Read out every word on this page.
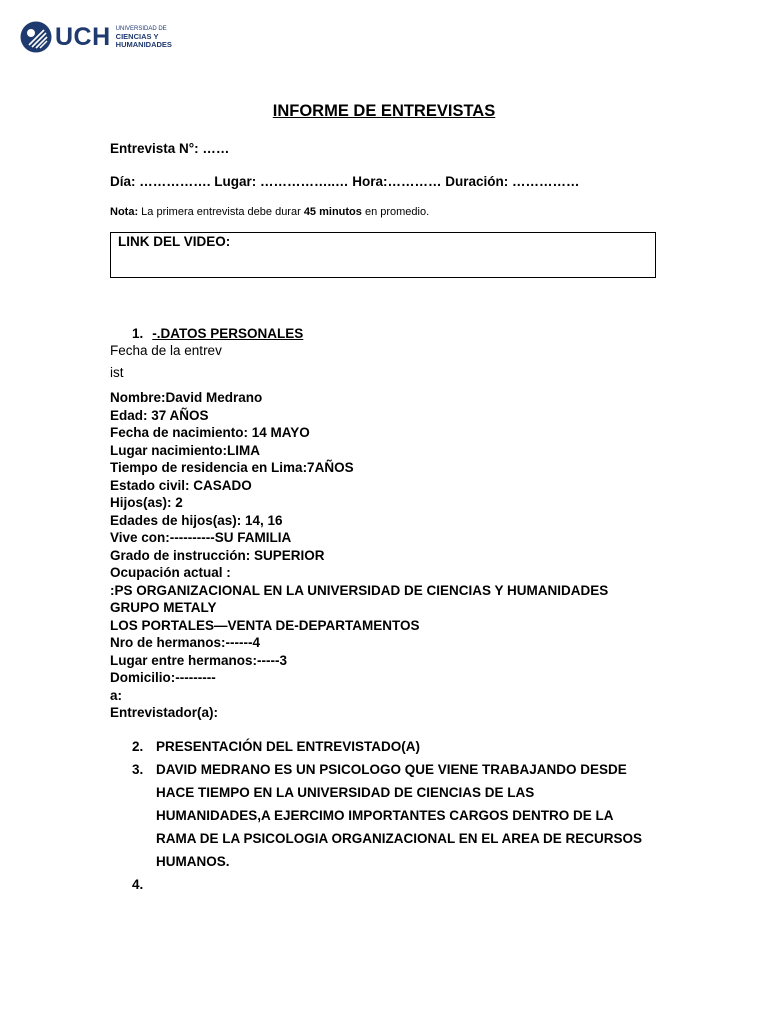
UCH UNIVERSIDAD DE
CIENCIAS Y
HUMANIDADES
INFORME DE ENTREVISTAS
Entrevista N°: ……
Día: ……………. Lugar: ……………..… Hora:………… Duración: ……………
Nota: La primera entrevista debe durar 45 minutos en promedio.
LINK DEL VIDEO:
1. -.DATOS PERSONALES
Fecha de la entrev
ist
Nombre:David Medrano
Edad: 37 AÑOS
Fecha de nacimiento: 14 MAYO
Lugar nacimiento:LIMA
Tiempo de residencia en Lima:7AÑOS
Estado civil: CASADO
Hijos(as): 2
Edades de hijos(as): 14, 16
Vive con:----------SU FAMILIA
Grado de instrucción: SUPERIOR
Ocupación actual :
:PS ORGANIZACIONAL EN LA UNIVERSIDAD DE CIENCIAS Y HUMANIDADES
GRUPO METALY
LOS PORTALES—VENTA DE-DEPARTAMENTOS
Nro de hermanos:------4
Lugar entre hermanos:-----3
Domicilio:---------
a:
Entrevistador(a):
2. PRESENTACIÓN DEL ENTREVISTADO(A)
3. DAVID MEDRANO ES UN PSICOLOGO QUE VIENE TRABAJANDO DESDE HACE TIEMPO EN LA UNIVERSIDAD DE CIENCIAS DE LAS HUMANIDADES,A EJERCIMO IMPORTANTES CARGOS DENTRO DE LA RAMA DE LA PSICOLOGIA ORGANIZACIONAL EN EL AREA DE RECURSOS HUMANOS.
4.
